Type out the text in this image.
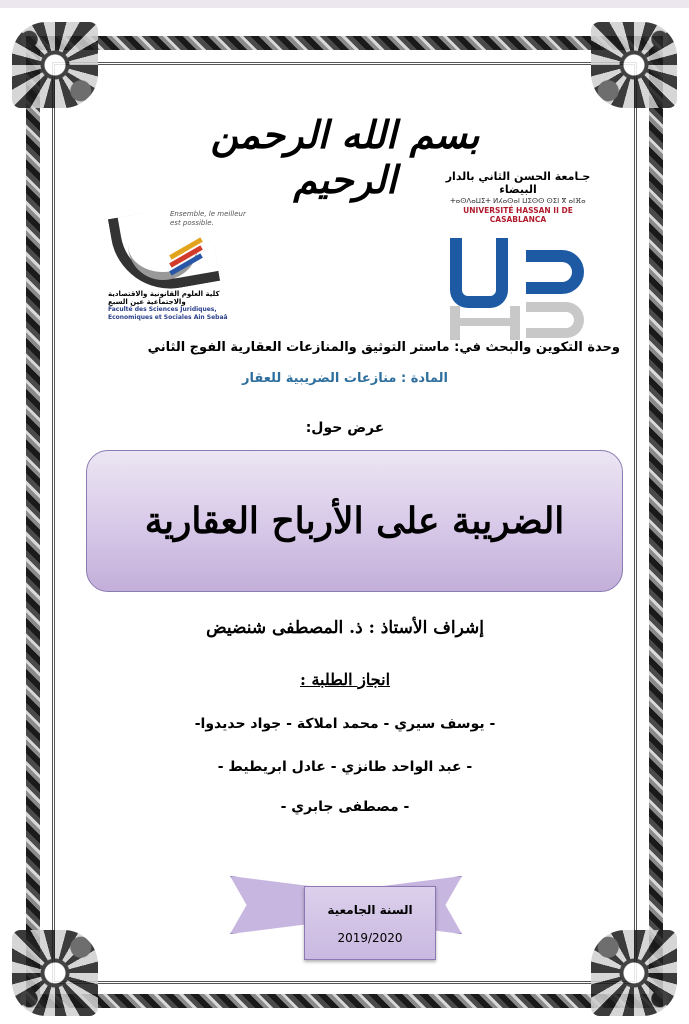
بسم الله الرحمن الرحيم	جـامعة الحسن الثاني بالدار البيضاء
ⵜⴰⵙⴷⴰⵡⵉⵜ ⵍⵃⴰⵙⴰⵏ ⵡⵉⵙⵙ ⵙⵉⵏ ⴳ ⴰⵏⴼⴰ
UNIVERSITÉ HASSAN II DE CASABLANCA
Ensemble, le meilleur est possible.
كلية العلوم القانونية والاقتصادية والاجتماعية عين السبع
Faculté des Sciences Juridiques,
Economiques et Sociales Ain Sebaâ
وحدة التكوين والبحث في: ماستر التوثيق والمنازعات العقارية الفوج الثاني
المادة : منازعات الضريبية للعقار
عرض حول:
الضريبة على الأرباح العقارية
إشراف الأستاذ : ذ. المصطفى شنضيض
انجاز الطلبة :
- يوسف سيري - محمد املاكة - جواد حديدوا-
- عبد الواحد طانزي - عادل ابريطيط -
- مصطفى جابري -
السنة الجامعية
2019/2020
